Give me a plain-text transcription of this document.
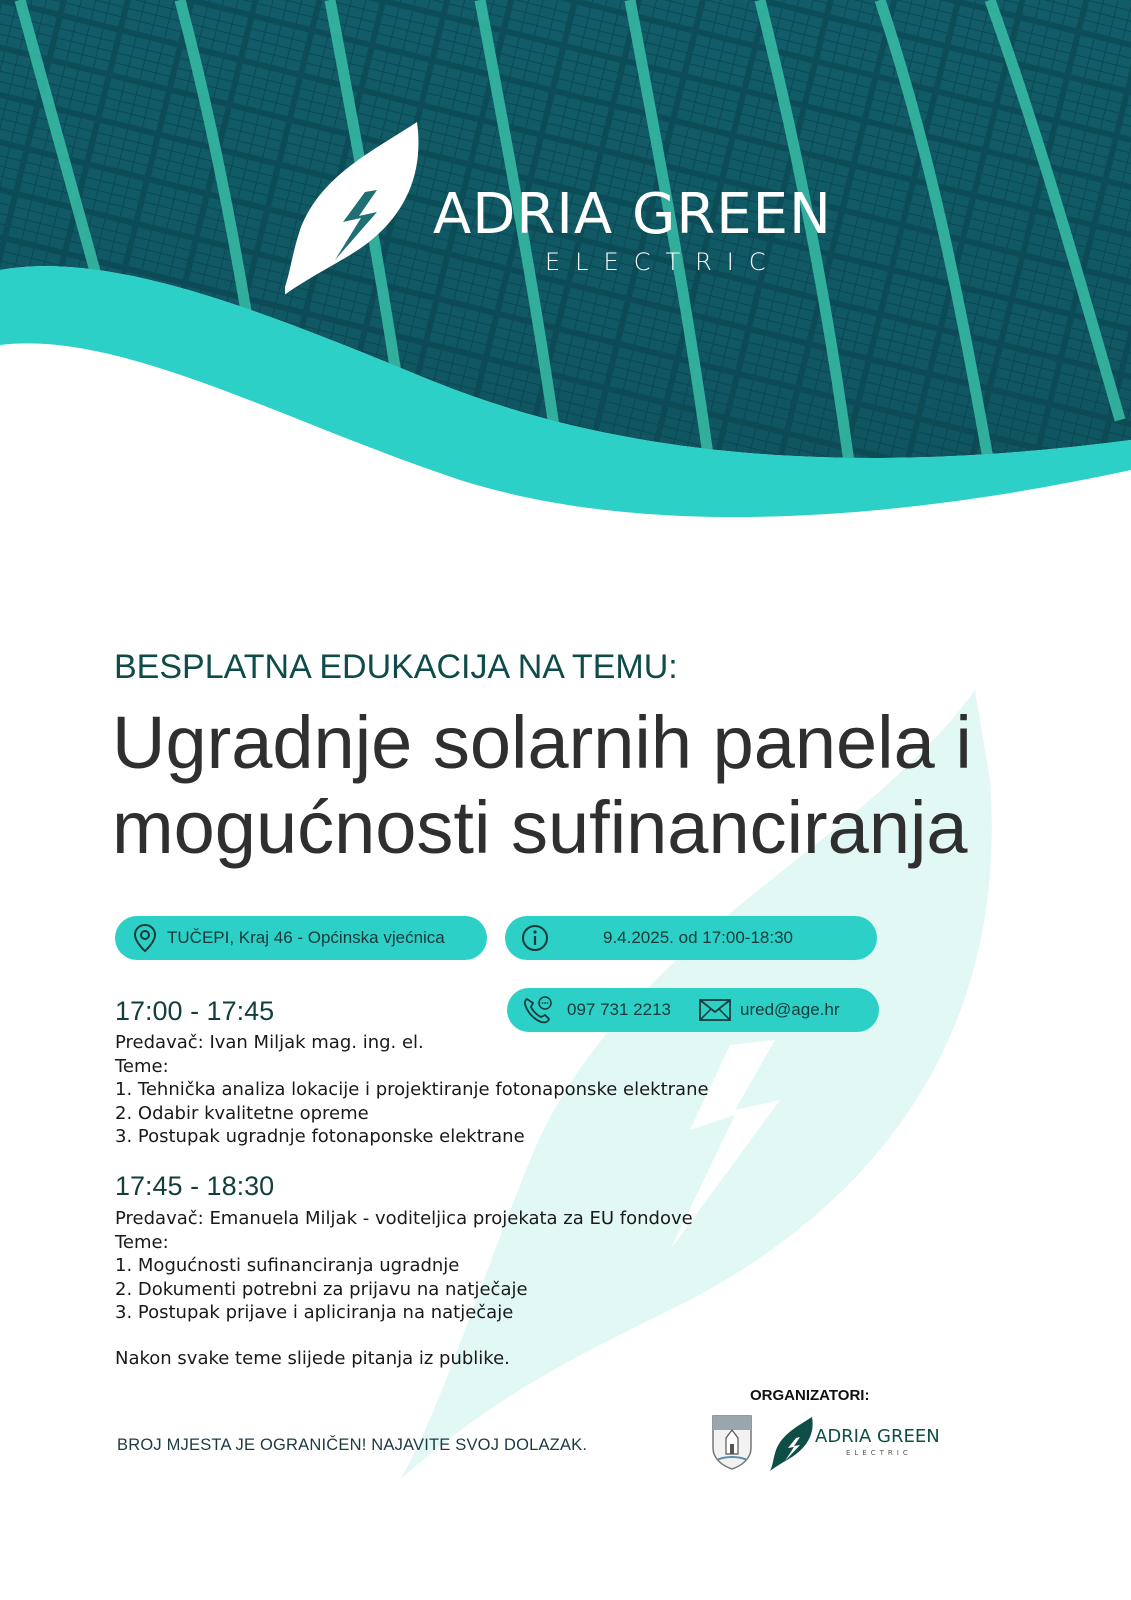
ADRIA GREEN
ELECTRIC
BESPLATNA EDUKACIJA NA TEMU:
Ugradnje solarnih panela i
mogućnosti sufinanciranja
TUČEPI, Kraj 46 - Općinska vjećnica	9.4.2025. od 17:00-18:30
097 731 2213	ured@age.hr
17:00 - 17:45
Predavač: Ivan Miljak mag. ing. el.
Teme:
1. Tehnička analiza lokacije i projektiranje fotonaponske elektrane
2. Odabir kvalitetne opreme
3. Postupak ugradnje fotonaponske elektrane
17:45 - 18:30
Predavač: Emanuela Miljak - voditeljica projekata za EU fondove
Teme:
1. Mogućnosti sufinanciranja ugradnje
2. Dokumenti potrebni za prijavu na natječaje
3. Postupak prijave i apliciranja na natječaje
Nakon svake teme slijede pitanja iz publike.
ORGANIZATORI:
BROJ MJESTA JE OGRANIČEN! NAJAVITE SVOJ DOLAZAK.	ADRIA GREEN
ELECTRIC
